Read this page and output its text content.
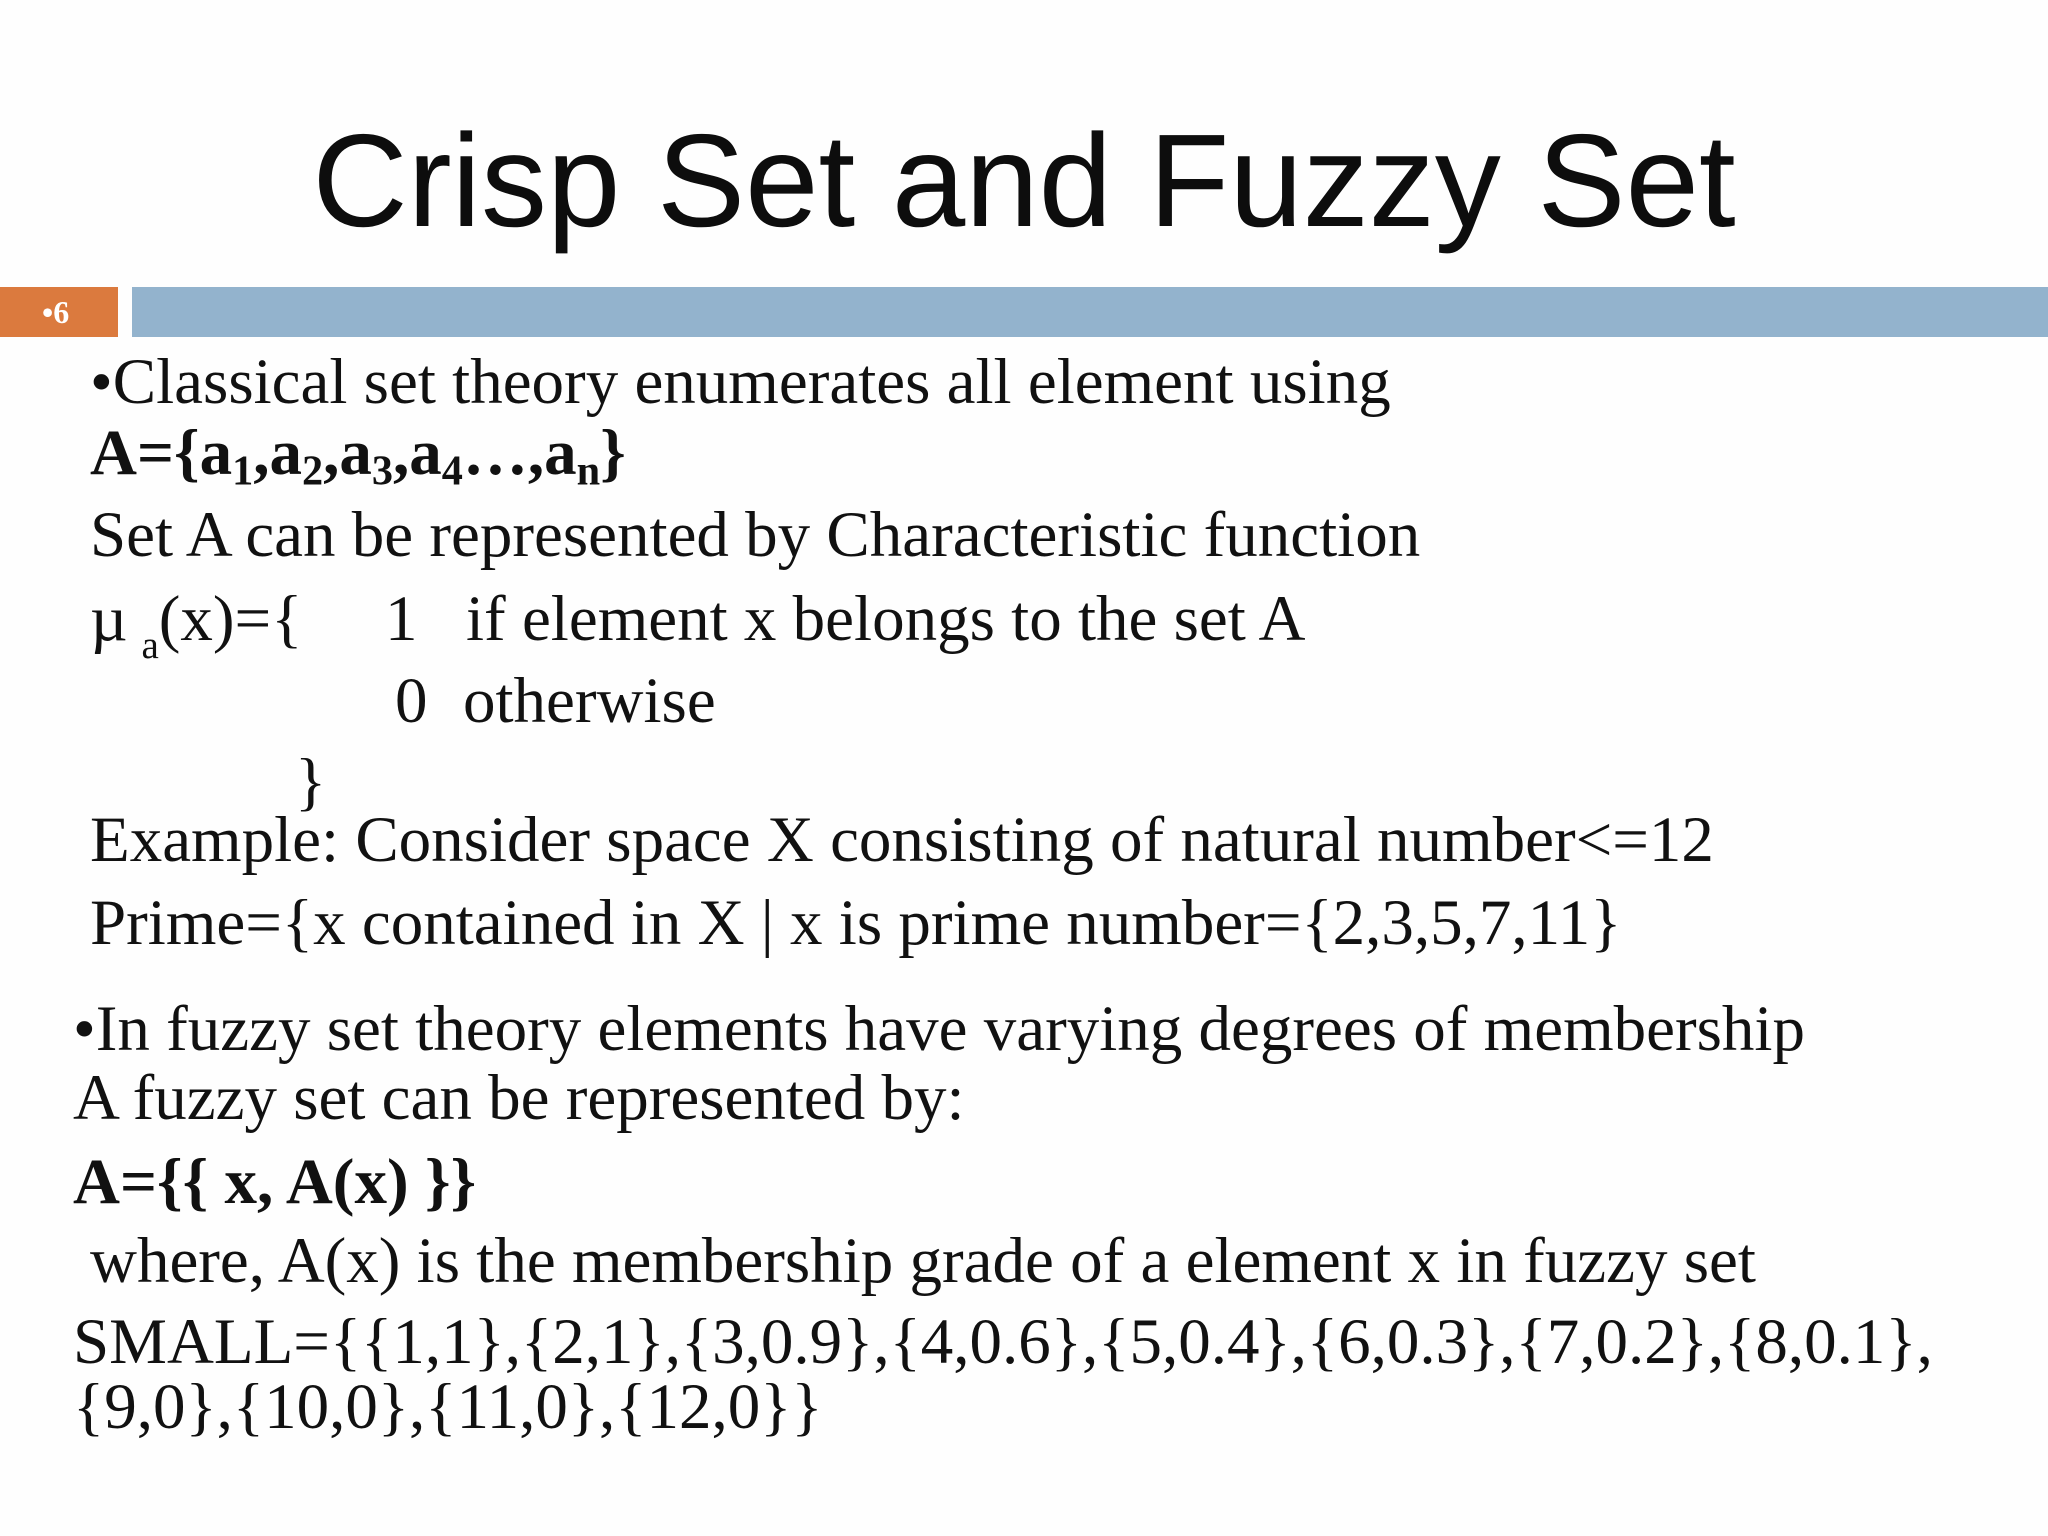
Crisp Set and Fuzzy Set
•6
•Classical set theory enumerates all element using
$A=\{a_1,a_2,a_3,a_4\dots,a_n\}$
Set A can be represented by Characteristic function
µ $_a$(x)={ 1 if element x belongs to the set A
0 otherwise
}
Example: Consider space X consisting of natural number<=12
Prime={x contained in X | x is prime number={2,3,5,7,11}
•In fuzzy set theory elements have varying degrees of membership
A fuzzy set can be represented by:
A={{ x, A(x) }}
where, A(x) is the membership grade of a element x in fuzzy set
SMALL={{1,1},{2,1},{3,0.9},{4,0.6},{5,0.4},{6,0.3},{7,0.2},{8,0.1},
{9,0},{10,0},{11,0},{12,0}}
